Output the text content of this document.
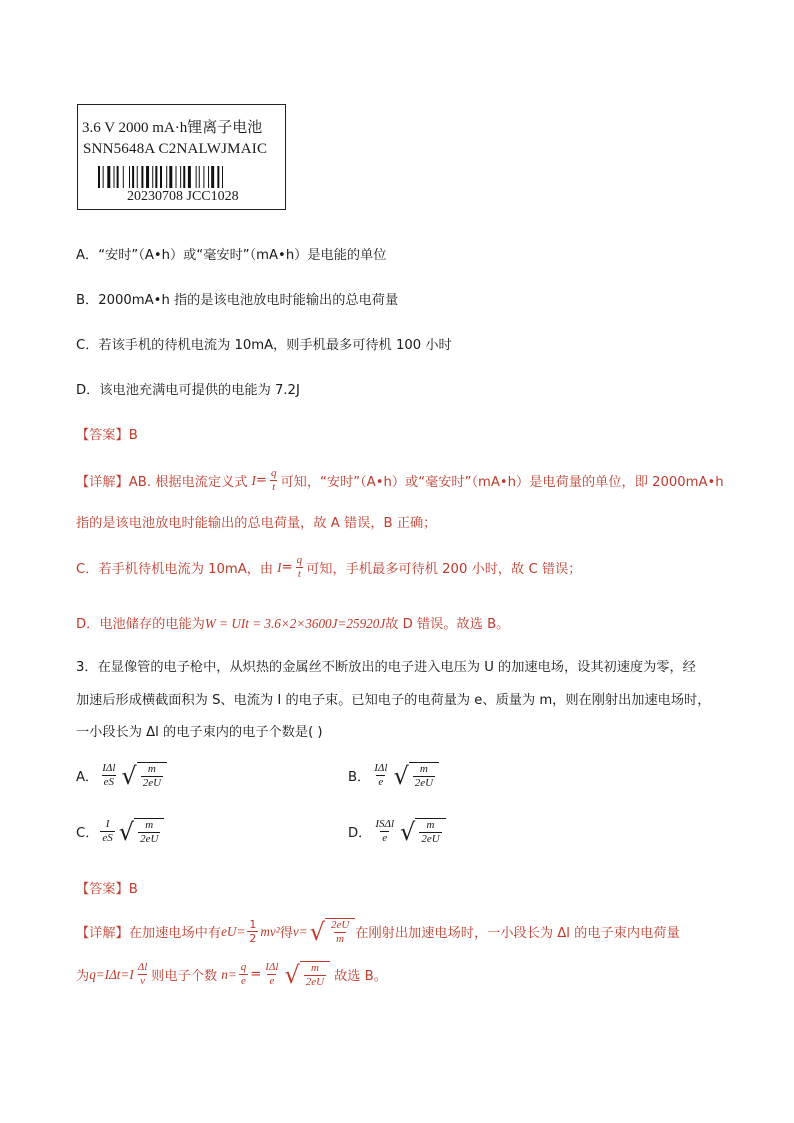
3.6 V 2000 mA·h锂离子电池
SNN5648A C2NALWJMAIC
20230708 JCC1028
A．“安时”（A•h）或“毫安时”（mA•h）是电能的单位
B．2000mA•h 指的是该电池放电时能输出的总电荷量
C．若该手机的待机电流为 10mA，则手机最多可待机 100 小时
D．该电池充满电可提供的电能为 7.2J
【答案】B
【详解】 AB. 根据电流定义式 $I = \frac{q}{t}$ 可知，“安时”（A•h）或“毫安时”（mA•h）是电荷量的单位，即 2000mA•h
指的是该电池放电时能输出的总电荷量，故 A 错误，B 正确；
C．若手机待机电流为 10mA，由 $I = \frac{q}{t}$ 可知，手机最多可待机 200 小时，故 C 错误；
D．电池储存的电能为W = UIt = 3.6×2×3600J=25920J故 D 错误。故选 B。
3．在显像管的电子枪中，从炽热的金属丝不断放出的电子进入电压为 U 的加速电场，设其初速度为零，经
加速后形成横截面积为 S、电流为 I 的电子束。已知电子的电荷量为 e、质量为 m，则在刚射出加速电场时，
一小段长为 Δl 的电子束内的电子个数是( )
A． $\frac{\text{IΔl}}{eS}$ √ $\frac{m}{2eU}$	B． $\frac{\text{IΔl}}{e}$ √ $\frac{m}{2eU}$
C． $\frac{I}{eS}$ √ $\frac{m}{2eU}$	D． $\frac{\text{ISΔl}}{e}$ √ $\frac{m}{2eU}$
【答案】B
【详解】 在加速电场中有 $eU= \frac{1}{2} mv^2$ 得 v= √ $\frac{2eU}{m}$ 在刚射出加速电场时，一小段长为 Δl 的电子束内电荷量
为 $q=I\Delta t=I \frac{\Delta l}{v}$ 则电子个数 $n= \frac{q}{e} = \frac{\text{IΔl}}{e}$ √ $\frac{m}{2eU}$ 故选 B。
